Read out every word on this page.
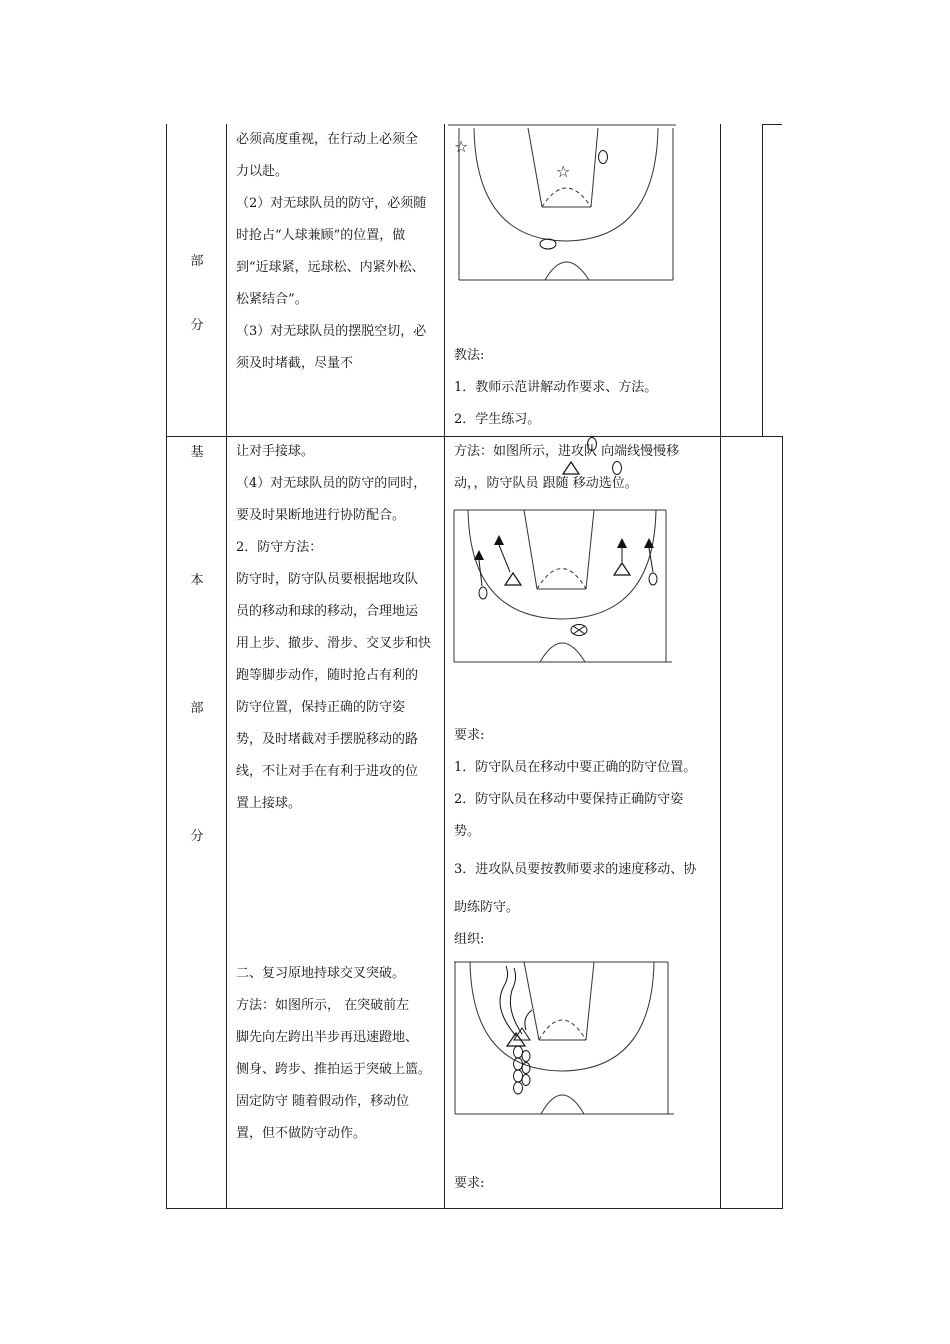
部
分

必须高度重视，在行动上必须全

力以赴。

（2）对无球队员的防守，必须随

时抢占“人球兼顾”的位置，做

到“近球紧，远球松、内紧外松、

松紧结合”。

（3）对无球队员的摆脱空切，必

须及时堵截，尽量不

☆
☆

教法:

1．教师示范讲解动作要求、方法。

2．学生练习。

基
本
部
分

让对手接球。

（4）对无球队员的防守的同时，

要及时果断地进行协防配合。

2．防守方法：

防守时，防守队员要根据地攻队

员的移动和球的移动，合理地运

用上步、撤步、滑步、交叉步和快

跑等脚步动作，随时抢占有利的

防守位置，保持正确的防守姿

势，及时堵截对手摆脱移动的路

线，不让对手在有利于进攻的位

置上接球。

二、复习原地持球交叉突破。

方法：如图所示， 在突破前左

脚先向左跨出半步再迅速蹬地、

侧身、跨步、推拍运于突破上篮。

固定防守 随着假动作，移动位

置，但不做防守动作。

方法：如图所示，进攻队 向端线慢慢移

动，，防守队员 跟随 移动选位。

要求:

1．防守队员在移动中要正确的防守位置。

2．防守队员在移动中要保持正确防守姿

势。

3．进攻队员要按教师要求的速度移动、协

助练防守。

组织:

要求:
